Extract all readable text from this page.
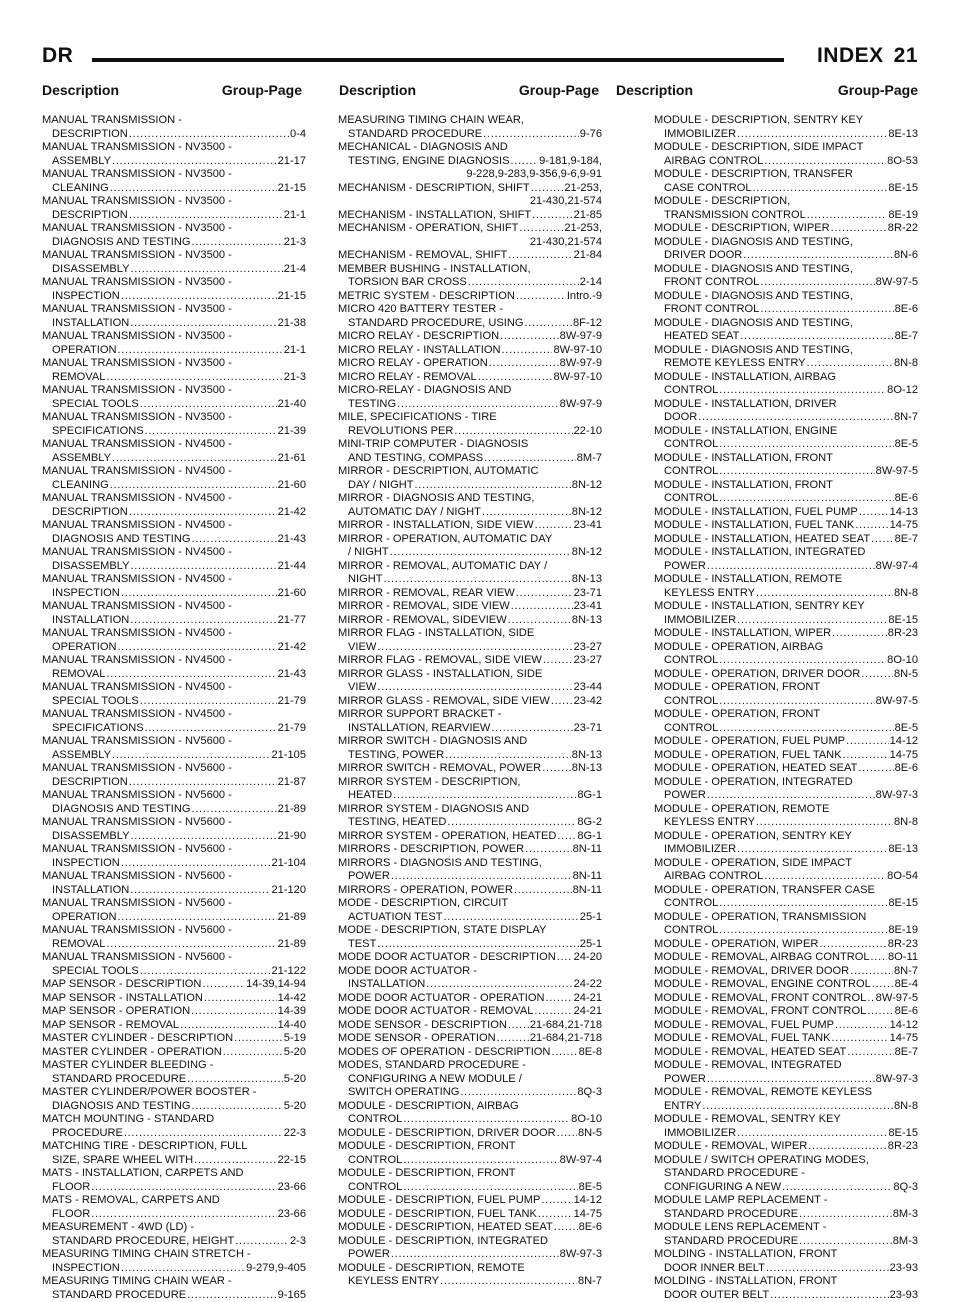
DR	INDEX 21
Description	Group-Page	Description	Group-Page Description	Group-Page
MANUAL TRANSMISSION -
DESCRIPTION . . .	0-4
MANUAL TRANSMISSION - NV3500 -
ASSEMBLY . . .	21-17
MANUAL TRANSMISSION - NV3500 -
CLEANING . . .	21-15
MANUAL TRANSMISSION - NV3500 -
DESCRIPTION . . .	21-1
MANUAL TRANSMISSION - NV3500 -
DIAGNOSIS AND TESTING . . .	21-3
MANUAL TRANSMISSION - NV3500 -
DISASSEMBLY . . .	21-4
MANUAL TRANSMISSION - NV3500 -
INSPECTION . . .	21-15
MANUAL TRANSMISSION - NV3500 -
INSTALLATION . . .	21-38
MANUAL TRANSMISSION - NV3500 -
OPERATION . . .	21-1
MANUAL TRANSMISSION - NV3500 -
REMOVAL . . .	21-3
MANUAL TRANSMISSION - NV3500 -
SPECIAL TOOLS . . .	21-40
MANUAL TRANSMISSION - NV3500 -
SPECIFICATIONS . . .	21-39
MANUAL TRANSMISSION - NV4500 -
ASSEMBLY . . .	21-61
MANUAL TRANSMISSION - NV4500 -
CLEANING . . .	21-60
MANUAL TRANSMISSION - NV4500 -
DESCRIPTION . . .	21-42
MANUAL TRANSMISSION - NV4500 -
DIAGNOSIS AND TESTING . . .	21-43
MANUAL TRANSMISSION - NV4500 -
DISASSEMBLY . . .	21-44
MANUAL TRANSMISSION - NV4500 -
INSPECTION . . .	21-60
MANUAL TRANSMISSION - NV4500 -
INSTALLATION . . .	21-77
MANUAL TRANSMISSION - NV4500 -
OPERATION . . .	21-42
MANUAL TRANSMISSION - NV4500 -
REMOVAL . . .	21-43
MANUAL TRANSMISSION - NV4500 -
SPECIAL TOOLS . . .	21-79
MANUAL TRANSMISSION - NV4500 -
SPECIFICATIONS . . .	21-79
MANUAL TRANSMISSION - NV5600 -
ASSEMBLY . . .	21-105
MANUAL TRANSMISSION - NV5600 -
DESCRIPTION . . .	21-87
MANUAL TRANSMISSION - NV5600 -
DIAGNOSIS AND TESTING . . .	21-89
MANUAL TRANSMISSION - NV5600 -
DISASSEMBLY . . .	21-90
MANUAL TRANSMISSION - NV5600 -
INSPECTION . . .	21-104
MANUAL TRANSMISSION - NV5600 -
INSTALLATION . . .	21-120
MANUAL TRANSMISSION - NV5600 -
OPERATION . . .	21-89
MANUAL TRANSMISSION - NV5600 -
REMOVAL . . .	21-89
MANUAL TRANSMISSION - NV5600 -
SPECIAL TOOLS . . .	21-122
MAP SENSOR - DESCRIPTION . . .	14-39,14-94
MAP SENSOR - INSTALLATION . . .	14-42
MAP SENSOR - OPERATION . . .	14-39
MAP SENSOR - REMOVAL . . .	14-40
MASTER CYLINDER - DESCRIPTION . . .	5-19
MASTER CYLINDER - OPERATION . . .	5-20
MASTER CYLINDER BLEEDING -
STANDARD PROCEDURE . . .	5-20
MASTER CYLINDER/POWER BOOSTER -
DIAGNOSIS AND TESTING . . .	5-20
MATCH MOUNTING - STANDARD
PROCEDURE . . .	22-3
MATCHING TIRE - DESCRIPTION, FULL
SIZE, SPARE WHEEL WITH . . .	22-15
MATS - INSTALLATION, CARPETS AND
FLOOR . . .	23-66
MATS - REMOVAL, CARPETS AND
FLOOR . . .	23-66
MEASUREMENT - 4WD (LD) -
STANDARD PROCEDURE, HEIGHT . . .	2-3
MEASURING TIMING CHAIN STRETCH -
INSPECTION . . .	9-279,9-405
MEASURING TIMING CHAIN WEAR -
STANDARD PROCEDURE . . .	9-165
MEASURING TIMING CHAIN WEAR,
STANDARD PROCEDURE . . .	9-76
MECHANICAL - DIAGNOSIS AND
TESTING, ENGINE DIAGNOSIS . . .	9-181,9-184,
9-228,9-283,9-356,9-6,9-91
MECHANISM - DESCRIPTION, SHIFT . . .	21-253,
21-430,21-574
MECHANISM - INSTALLATION, SHIFT . . .	21-85
MECHANISM - OPERATION, SHIFT . . .	21-253,
21-430,21-574
MECHANISM - REMOVAL, SHIFT . . .	21-84
MEMBER BUSHING - INSTALLATION,
TORSION BAR CROSS . . .	2-14
METRIC SYSTEM - DESCRIPTION . . .	Intro.-9
MICRO 420 BATTERY TESTER -
STANDARD PROCEDURE, USING . . .	8F-12
MICRO RELAY - DESCRIPTION . . .	8W-97-9
MICRO RELAY - INSTALLATION . . .	8W-97-10
MICRO RELAY - OPERATION . . .	8W-97-9
MICRO RELAY - REMOVAL . . .	8W-97-10
MICRO-RELAY - DIAGNOSIS AND
TESTING . . .	8W-97-9
MILE, SPECIFICATIONS - TIRE
REVOLUTIONS PER . . .	22-10
MINI-TRIP COMPUTER - DIAGNOSIS
AND TESTING, COMPASS . . .	8M-7
MIRROR - DESCRIPTION, AUTOMATIC
DAY / NIGHT . . .	8N-12
MIRROR - DIAGNOSIS AND TESTING,
AUTOMATIC DAY / NIGHT . . .	8N-12
MIRROR - INSTALLATION, SIDE VIEW . . .	23-41
MIRROR - OPERATION, AUTOMATIC DAY
/ NIGHT . . .	8N-12
MIRROR - REMOVAL, AUTOMATIC DAY /
NIGHT . . .	8N-13
MIRROR - REMOVAL, REAR VIEW . . .	23-71
MIRROR - REMOVAL, SIDE VIEW . . .	23-41
MIRROR - REMOVAL, SIDEVIEW . . .	8N-13
MIRROR FLAG - INSTALLATION, SIDE
VIEW . . .	23-27
MIRROR FLAG - REMOVAL, SIDE VIEW . . .	23-27
MIRROR GLASS - INSTALLATION, SIDE
VIEW . . .	23-44
MIRROR GLASS - REMOVAL, SIDE VIEW . . . 23-42
MIRROR SUPPORT BRACKET -
INSTALLATION, REARVIEW . . .	23-71
MIRROR SWITCH - DIAGNOSIS AND
TESTING, POWER . . .	8N-13
MIRROR SWITCH - REMOVAL, POWER . . .	8N-13
MIRROR SYSTEM - DESCRIPTION,
HEATED . . .	8G-1
MIRROR SYSTEM - DIAGNOSIS AND
TESTING, HEATED . . .	8G-2
MIRROR SYSTEM - OPERATION, HEATED . . . 8G-1
MIRRORS - DESCRIPTION, POWER . . .	8N-11
MIRRORS - DIAGNOSIS AND TESTING,
POWER . . .	8N-11
MIRRORS - OPERATION, POWER . . .	8N-11
MODE - DESCRIPTION, CIRCUIT
ACTUATION TEST . . .	25-1
MODE - DESCRIPTION, STATE DISPLAY
TEST . . .	25-1
MODE DOOR ACTUATOR - DESCRIPTION . . . 24-20
MODE DOOR ACTUATOR -
INSTALLATION . . .	24-22
MODE DOOR ACTUATOR - OPERATION . . .	24-21
MODE DOOR ACTUATOR - REMOVAL . . .	24-21
MODE SENSOR - DESCRIPTION . . . 21-684,21-718
MODE SENSOR - OPERATION . . .	21-684,21-718
MODES OF OPERATION - DESCRIPTION . . .	8E-8
MODES, STANDARD PROCEDURE -
CONFIGURING A NEW MODULE /
SWITCH OPERATING . . .	8Q-3
MODULE - DESCRIPTION, AIRBAG
CONTROL . . .	8O-10
MODULE - DESCRIPTION, DRIVER DOOR . . . 8N-5
MODULE - DESCRIPTION, FRONT
CONTROL . . .	8W-97-4
MODULE - DESCRIPTION, FRONT
CONTROL . . .	8E-5
MODULE - DESCRIPTION, FUEL PUMP . . .	14-12
MODULE - DESCRIPTION, FUEL TANK . . .	14-75
MODULE - DESCRIPTION, HEATED SEAT . . . 8E-6
MODULE - DESCRIPTION, INTEGRATED
POWER . . .	8W-97-3
MODULE - DESCRIPTION, REMOTE
KEYLESS ENTRY . . .	8N-7
MODULE - DESCRIPTION, SENTRY KEY
IMMOBILIZER . . .	8E-13
MODULE - DESCRIPTION, SIDE IMPACT
AIRBAG CONTROL . . .	8O-53
MODULE - DESCRIPTION, TRANSFER
CASE CONTROL . . .	8E-15
MODULE - DESCRIPTION,
TRANSMISSION CONTROL . . .	8E-19
MODULE - DESCRIPTION, WIPER . . .	8R-22
MODULE - DIAGNOSIS AND TESTING,
DRIVER DOOR . . .	8N-6
MODULE - DIAGNOSIS AND TESTING,
FRONT CONTROL . . .	8W-97-5
MODULE - DIAGNOSIS AND TESTING,
FRONT CONTROL . . .	8E-6
MODULE - DIAGNOSIS AND TESTING,
HEATED SEAT . . .	8E-7
MODULE - DIAGNOSIS AND TESTING,
REMOTE KEYLESS ENTRY . . .	8N-8
MODULE - INSTALLATION, AIRBAG
CONTROL . . .	8O-12
MODULE - INSTALLATION, DRIVER
DOOR . . .	8N-7
MODULE - INSTALLATION, ENGINE
CONTROL . . .	8E-5
MODULE - INSTALLATION, FRONT
CONTROL . . .	8W-97-5
MODULE - INSTALLATION, FRONT
CONTROL . . .	8E-6
MODULE - INSTALLATION, FUEL PUMP . . .	14-13
MODULE - INSTALLATION, FUEL TANK . . .	14-75
MODULE - INSTALLATION, HEATED SEAT . . . 8E-7
MODULE - INSTALLATION, INTEGRATED
POWER . . .	8W-97-4
MODULE - INSTALLATION, REMOTE
KEYLESS ENTRY . . .	8N-8
MODULE - INSTALLATION, SENTRY KEY
IMMOBILIZER . . .	8E-15
MODULE - INSTALLATION, WIPER . . .	8R-23
MODULE - OPERATION, AIRBAG
CONTROL . . .	8O-10
MODULE - OPERATION, DRIVER DOOR . . .	8N-5
MODULE - OPERATION, FRONT
CONTROL . . .	8W-97-5
MODULE - OPERATION, FRONT
CONTROL . . .	8E-5
MODULE - OPERATION, FUEL PUMP . . .	14-12
MODULE - OPERATION, FUEL TANK . . .	14-75
MODULE - OPERATION, HEATED SEAT . . .	8E-6
MODULE - OPERATION, INTEGRATED
POWER . . .	8W-97-3
MODULE - OPERATION, REMOTE
KEYLESS ENTRY . . .	8N-8
MODULE - OPERATION, SENTRY KEY
IMMOBILIZER . . .	8E-13
MODULE - OPERATION, SIDE IMPACT
AIRBAG CONTROL . . .	8O-54
MODULE - OPERATION, TRANSFER CASE
CONTROL . . .	8E-15
MODULE - OPERATION, TRANSMISSION
CONTROL . . .	8E-19
MODULE - OPERATION, WIPER . . .	8R-23
MODULE - REMOVAL, AIRBAG CONTROL . . . 8O-11
MODULE - REMOVAL, DRIVER DOOR . . .	8N-7
MODULE - REMOVAL, ENGINE CONTROL . . . 8E-4
MODULE - REMOVAL, FRONT CONTROL . . . 8W-97-5
MODULE - REMOVAL, FRONT CONTROL . . .	8E-6
MODULE - REMOVAL, FUEL PUMP . . .	14-12
MODULE - REMOVAL, FUEL TANK . . .	14-75
MODULE - REMOVAL, HEATED SEAT . . .	8E-7
MODULE - REMOVAL, INTEGRATED
POWER . . .	8W-97-3
MODULE - REMOVAL, REMOTE KEYLESS
ENTRY . . .	8N-8
MODULE - REMOVAL, SENTRY KEY
IMMOBILIZER . . .	8E-15
MODULE - REMOVAL, WIPER . . .	8R-23
MODULE / SWITCH OPERATING MODES,
STANDARD PROCEDURE -
CONFIGURING A NEW . . .	8Q-3
MODULE LAMP REPLACEMENT -
STANDARD PROCEDURE . . .	8M-3
MODULE LENS REPLACEMENT -
STANDARD PROCEDURE . . .	8M-3
MOLDING - INSTALLATION, FRONT
DOOR INNER BELT . . .	23-93
MOLDING - INSTALLATION, FRONT
DOOR OUTER BELT . . .	23-93
